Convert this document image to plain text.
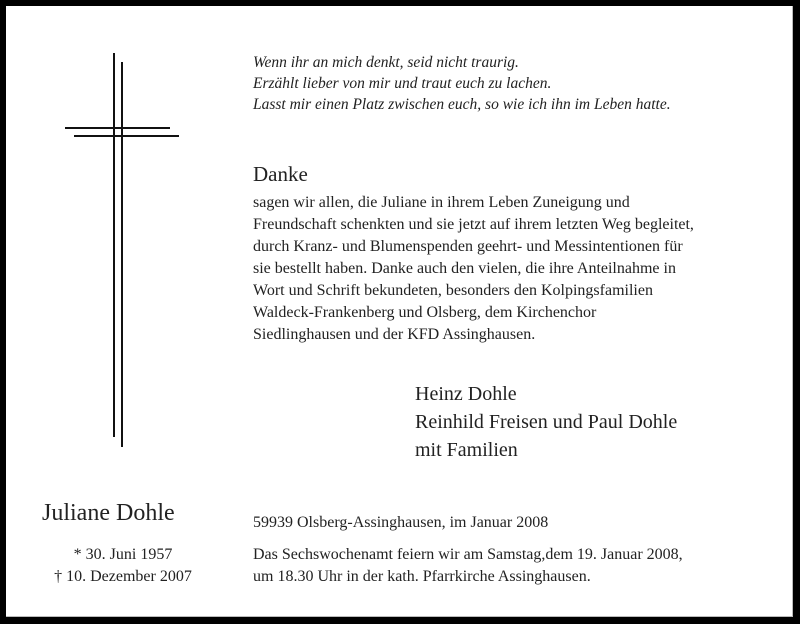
Wenn ihr an mich denkt, seid nicht traurig.
Erzählt lieber von mir und traut euch zu lachen.
Lasst mir einen Platz zwischen euch, so wie ich ihn im Leben hatte.
Danke
sagen wir allen, die Juliane in ihrem Leben Zuneigung und
Freundschaft schenkten und sie jetzt auf ihrem letzten Weg begleitet,
durch Kranz- und Blumenspenden geehrt- und Messintentionen für
sie bestellt haben. Danke auch den vielen, die ihre Anteilnahme in
Wort und Schrift bekundeten, besonders den Kolpingsfamilien
Waldeck-Frankenberg und Olsberg, dem Kirchenchor
Siedlinghausen und der KFD Assinghausen.
Heinz Dohle
Reinhild Freisen und Paul Dohle
mit Familien
Juliane Dohle
* 30. Juni 1957
† 10. Dezember 2007
59939 Olsberg-Assinghausen, im Januar 2008
Das Sechswochenamt feiern wir am Samstag,dem 19. Januar 2008,
um 18.30 Uhr in der kath. Pfarrkirche Assinghausen.
